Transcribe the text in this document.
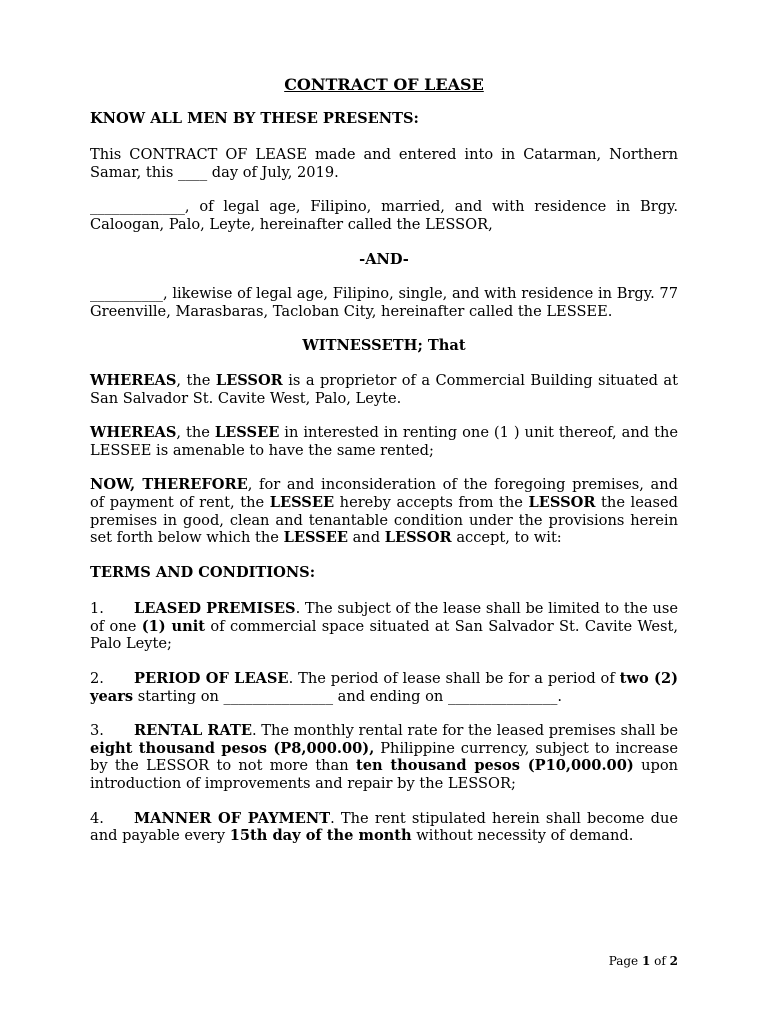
CONTRACT OF LEASE
KNOW ALL MEN BY THESE PRESENTS:

This CONTRACT OF LEASE made and entered into in Catarman, Northern Samar, this ____ day of July, 2019.

_____________, of legal age, Filipino, married, and with residence in Brgy. Caloogan, Palo, Leyte, hereinafter called the LESSOR,

-AND-

__________, likewise of legal age, Filipino, single, and with residence in Brgy. 77 Greenville, Marasbaras, Tacloban City, hereinafter called the LESSEE.

WITNESSETH; That

WHEREAS, the LESSOR is a proprietor of a Commercial Building situated at San Salvador St. Cavite West, Palo, Leyte.

WHEREAS, the LESSEE in interested in renting one (1 ) unit thereof, and the LESSEE is amenable to have the same rented;

NOW, THEREFORE, for and inconsideration of the foregoing premises, and of payment of rent, the LESSEE hereby accepts from the LESSOR the leased premises in good, clean and tenantable condition under the provisions herein set forth below which the LESSEE and LESSOR accept, to wit:

TERMS AND CONDITIONS:

1. LEASED PREMISES. The subject of the lease shall be limited to the use of one (1) unit of commercial space situated at San Salvador St. Cavite West, Palo Leyte;

2. PERIOD OF LEASE. The period of lease shall be for a period of two (2) years starting on _______________ and ending on _______________.

3. RENTAL RATE. The monthly rental rate for the leased premises shall be eight thousand pesos (P8,000.00), Philippine currency, subject to increase by the LESSOR to not more than ten thousand pesos (P10,000.00) upon introduction of improvements and repair by the LESSOR;

4. MANNER OF PAYMENT. The rent stipulated herein shall become due and payable every 15th day of the month without necessity of demand.

Page 1 of 2
